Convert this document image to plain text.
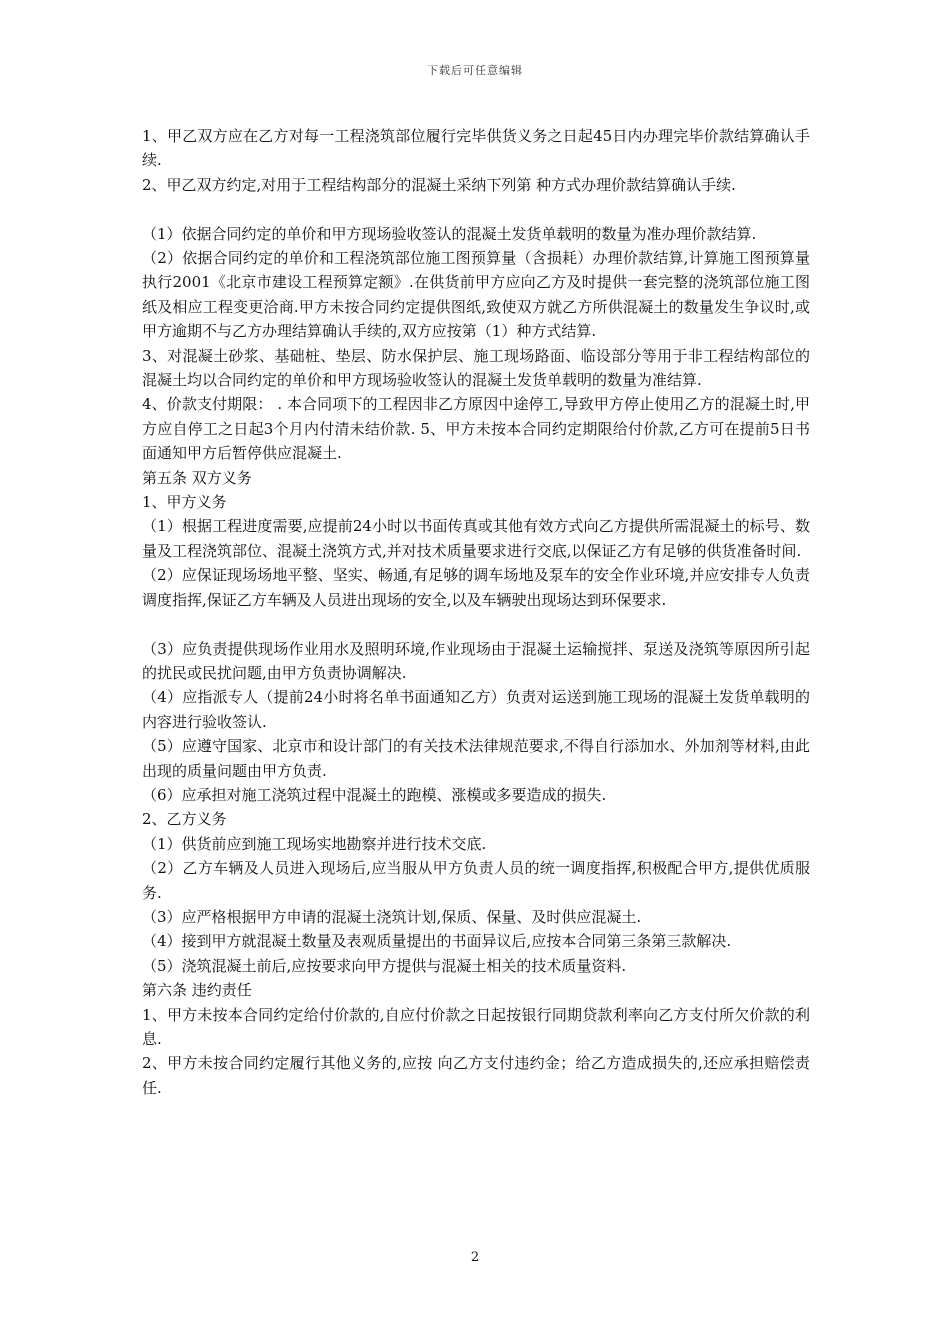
下载后可任意编辑

1、甲乙双方应在乙方对每一工程浇筑部位履行完毕供货义务之日起45日内办理完毕价款结算确认手续.

2、甲乙双方约定,对用于工程结构部分的混凝土采纳下列第 种方式办理价款结算确认手续.

（1）依据合同约定的单价和甲方现场验收签认的混凝土发货单载明的数量为准办理价款结算.

（2）依据合同约定的单价和工程浇筑部位施工图预算量（含损耗）办理价款结算,计算施工图预算量执行2001《北京市建设工程预算定额》.在供货前甲方应向乙方及时提供一套完整的浇筑部位施工图纸及相应工程变更洽商.甲方未按合同约定提供图纸,致使双方就乙方所供混凝土的数量发生争议时,或甲方逾期不与乙方办理结算确认手续的,双方应按第（1）种方式结算.

3、对混凝土砂浆、基础桩、垫层、防水保护层、施工现场路面、临设部分等用于非工程结构部位的混凝土均以合同约定的单价和甲方现场验收签认的混凝土发货单载明的数量为准结算.

4、价款支付期限： . 本合同项下的工程因非乙方原因中途停工,导致甲方停止使用乙方的混凝土时,甲方应自停工之日起3个月内付清未结价款. 5、甲方未按本合同约定期限给付价款,乙方可在提前5日书面通知甲方后暂停供应混凝土.

第五条 双方义务

1、甲方义务

（1）根据工程进度需要,应提前24小时以书面传真或其他有效方式向乙方提供所需混凝土的标号、数量及工程浇筑部位、混凝土浇筑方式,并对技术质量要求进行交底,以保证乙方有足够的供货准备时间.

（2）应保证现场场地平整、坚实、畅通,有足够的调车场地及泵车的安全作业环境,并应安排专人负责调度指挥,保证乙方车辆及人员进出现场的安全,以及车辆驶出现场达到环保要求.

（3）应负责提供现场作业用水及照明环境,作业现场由于混凝土运输搅拌、泵送及浇筑等原因所引起的扰民或民扰问题,由甲方负责协调解决.

（4）应指派专人（提前24小时将名单书面通知乙方）负责对运送到施工现场的混凝土发货单载明的内容进行验收签认.

（5）应遵守国家、北京市和设计部门的有关技术法律规范要求,不得自行添加水、外加剂等材料,由此出现的质量问题由甲方负责.

（6）应承担对施工浇筑过程中混凝土的跑模、涨模或多要造成的损失.

2、乙方义务

（1）供货前应到施工现场实地勘察并进行技术交底.

（2）乙方车辆及人员进入现场后,应当服从甲方负责人员的统一调度指挥,积极配合甲方,提供优质服务.

（3）应严格根据甲方申请的混凝土浇筑计划,保质、保量、及时供应混凝土.

（4）接到甲方就混凝土数量及表观质量提出的书面异议后,应按本合同第三条第三款解决.

（5）浇筑混凝土前后,应按要求向甲方提供与混凝土相关的技术质量资料.

第六条 违约责任

1、甲方未按本合同约定给付价款的,自应付价款之日起按银行同期贷款利率向乙方支付所欠价款的利息.

2、甲方未按合同约定履行其他义务的,应按 向乙方支付违约金；给乙方造成损失的,还应承担赔偿责任.

2
